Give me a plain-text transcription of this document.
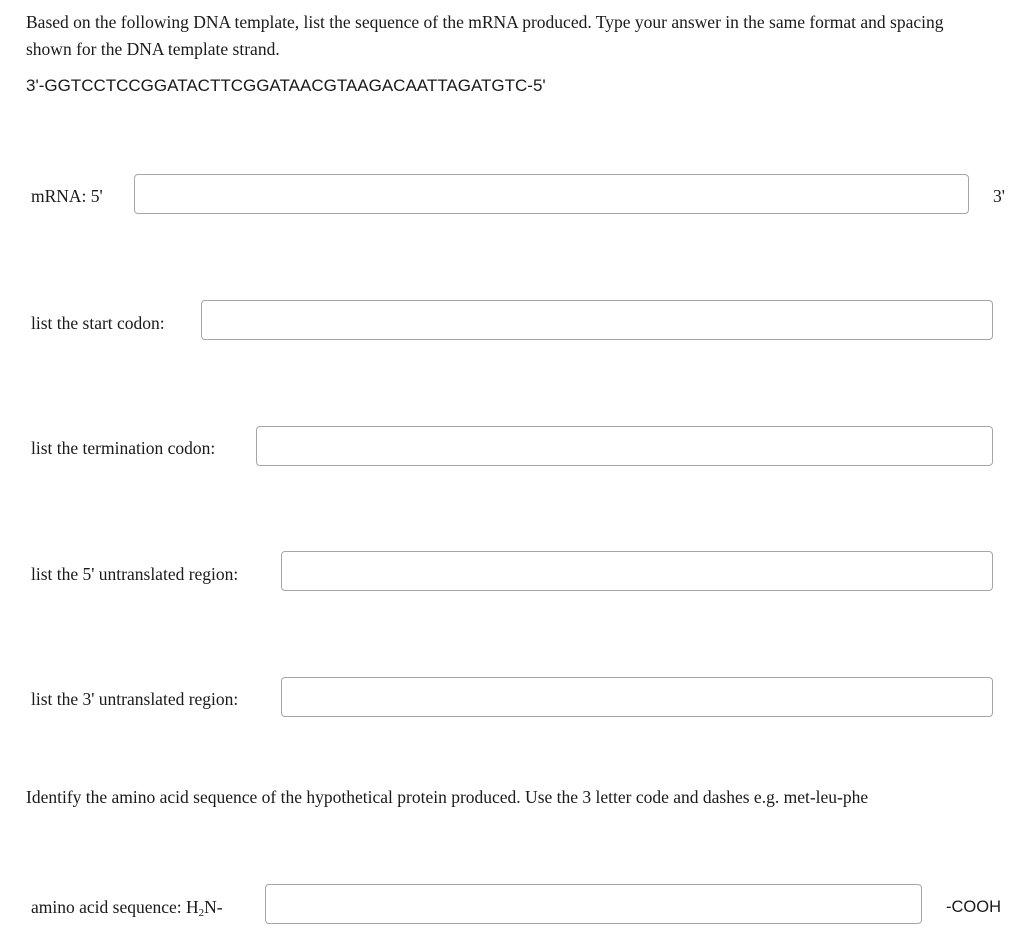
Based on the following DNA template, list the sequence of the mRNA produced. Type your answer in the same format and spacing shown for the DNA template strand.

3'-GGTCCTCCGGATACTTCGGATAACGTAAGACAATTAGATGTC-5'

mRNA: 5'	3'
list the start codon:
list the termination codon:
list the 5' untranslated region:
list the 3' untranslated region:

Identify the amino acid sequence of the hypothetical protein produced. Use the 3 letter code and dashes e.g. met-leu-phe

amino acid sequence: $H_2N-$	-COOH
